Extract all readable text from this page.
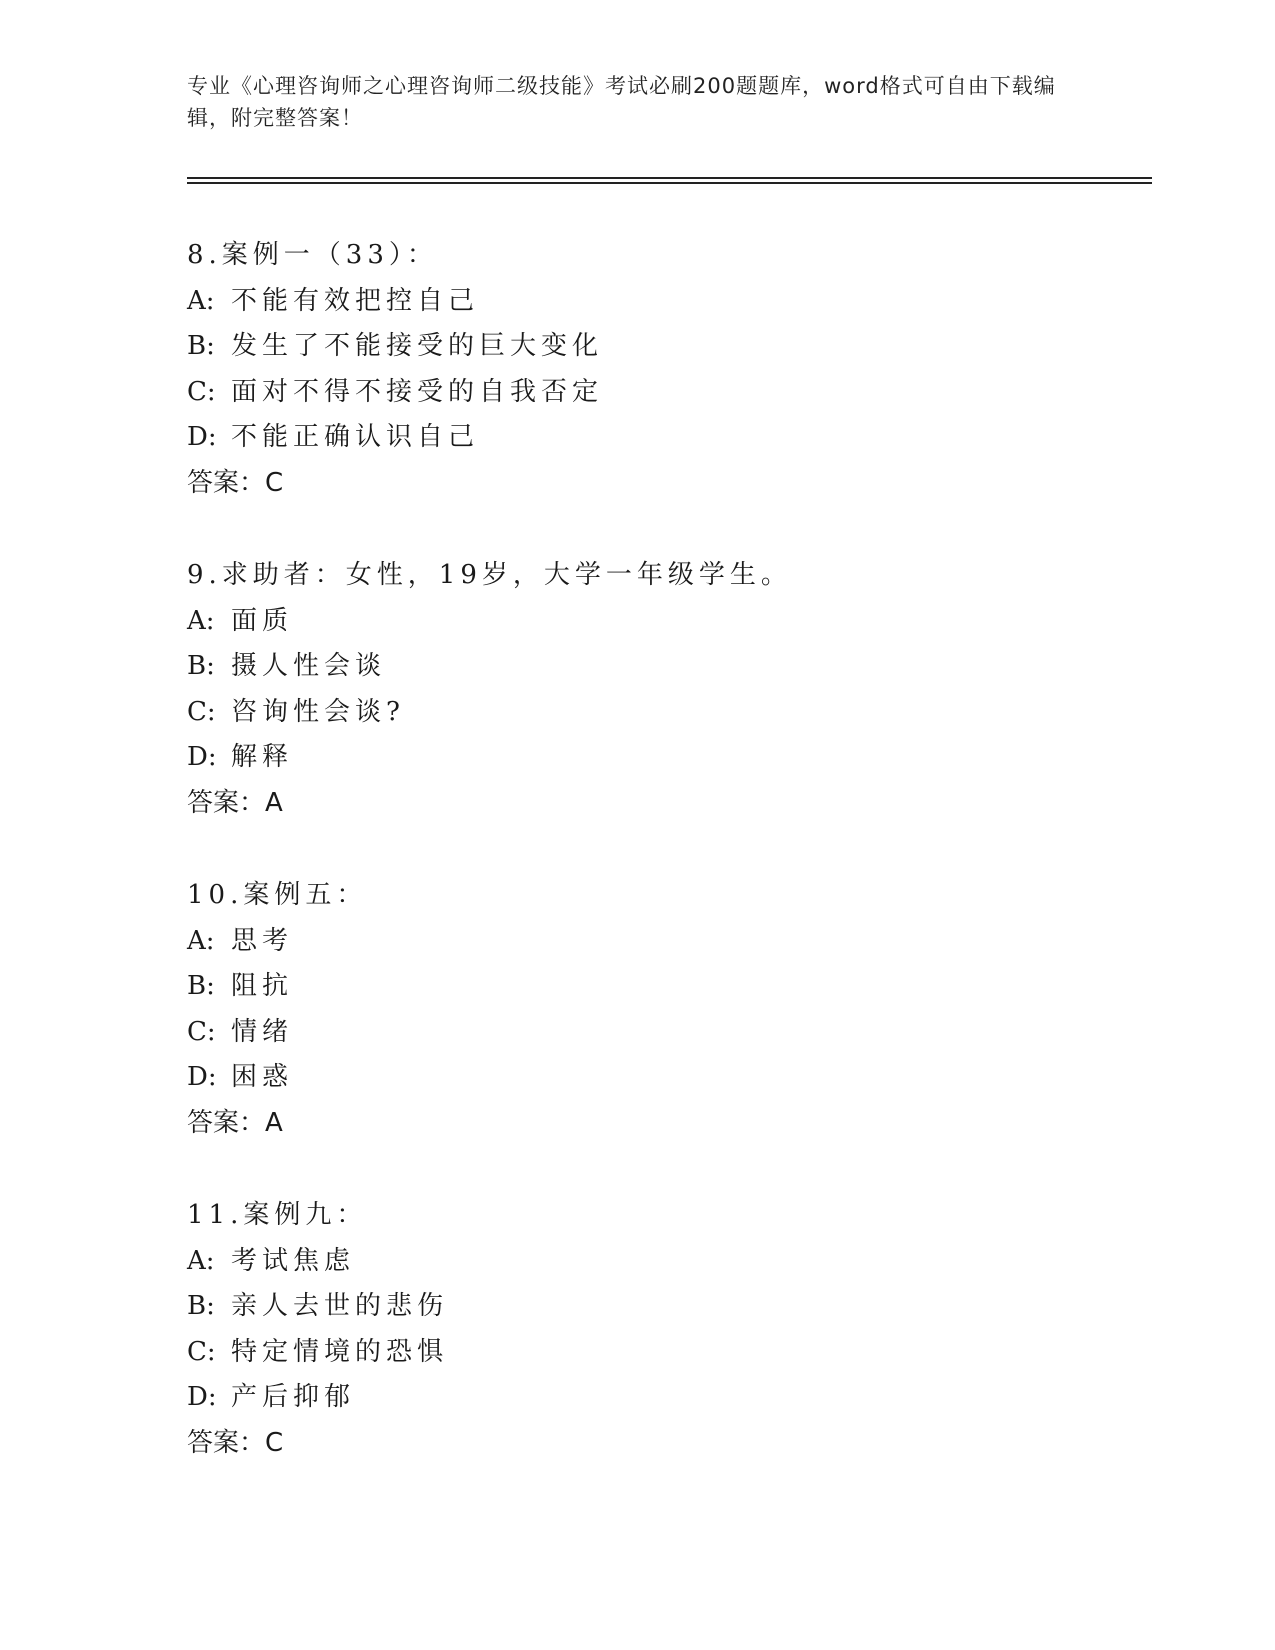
专业《心理咨询师之心理咨询师二级技能》考试必刷200题题库，word格式可自由下载编辑，附完整答案！
8.案例一（33）：
A: 不能有效把控自己
B: 发生了不能接受的巨大变化
C: 面对不得不接受的自我否定
D: 不能正确认识自己
答案：C
9.求助者：女性，19岁，大学一年级学生。
A: 面质
B: 摄人性会谈
C: 咨询性会谈?
D: 解释
答案：A
10.案例五：
A: 思考
B: 阻抗
C: 情绪
D: 困惑
答案：A
11.案例九：
A: 考试焦虑
B: 亲人去世的悲伤
C: 特定情境的恐惧
D: 产后抑郁
答案：C
